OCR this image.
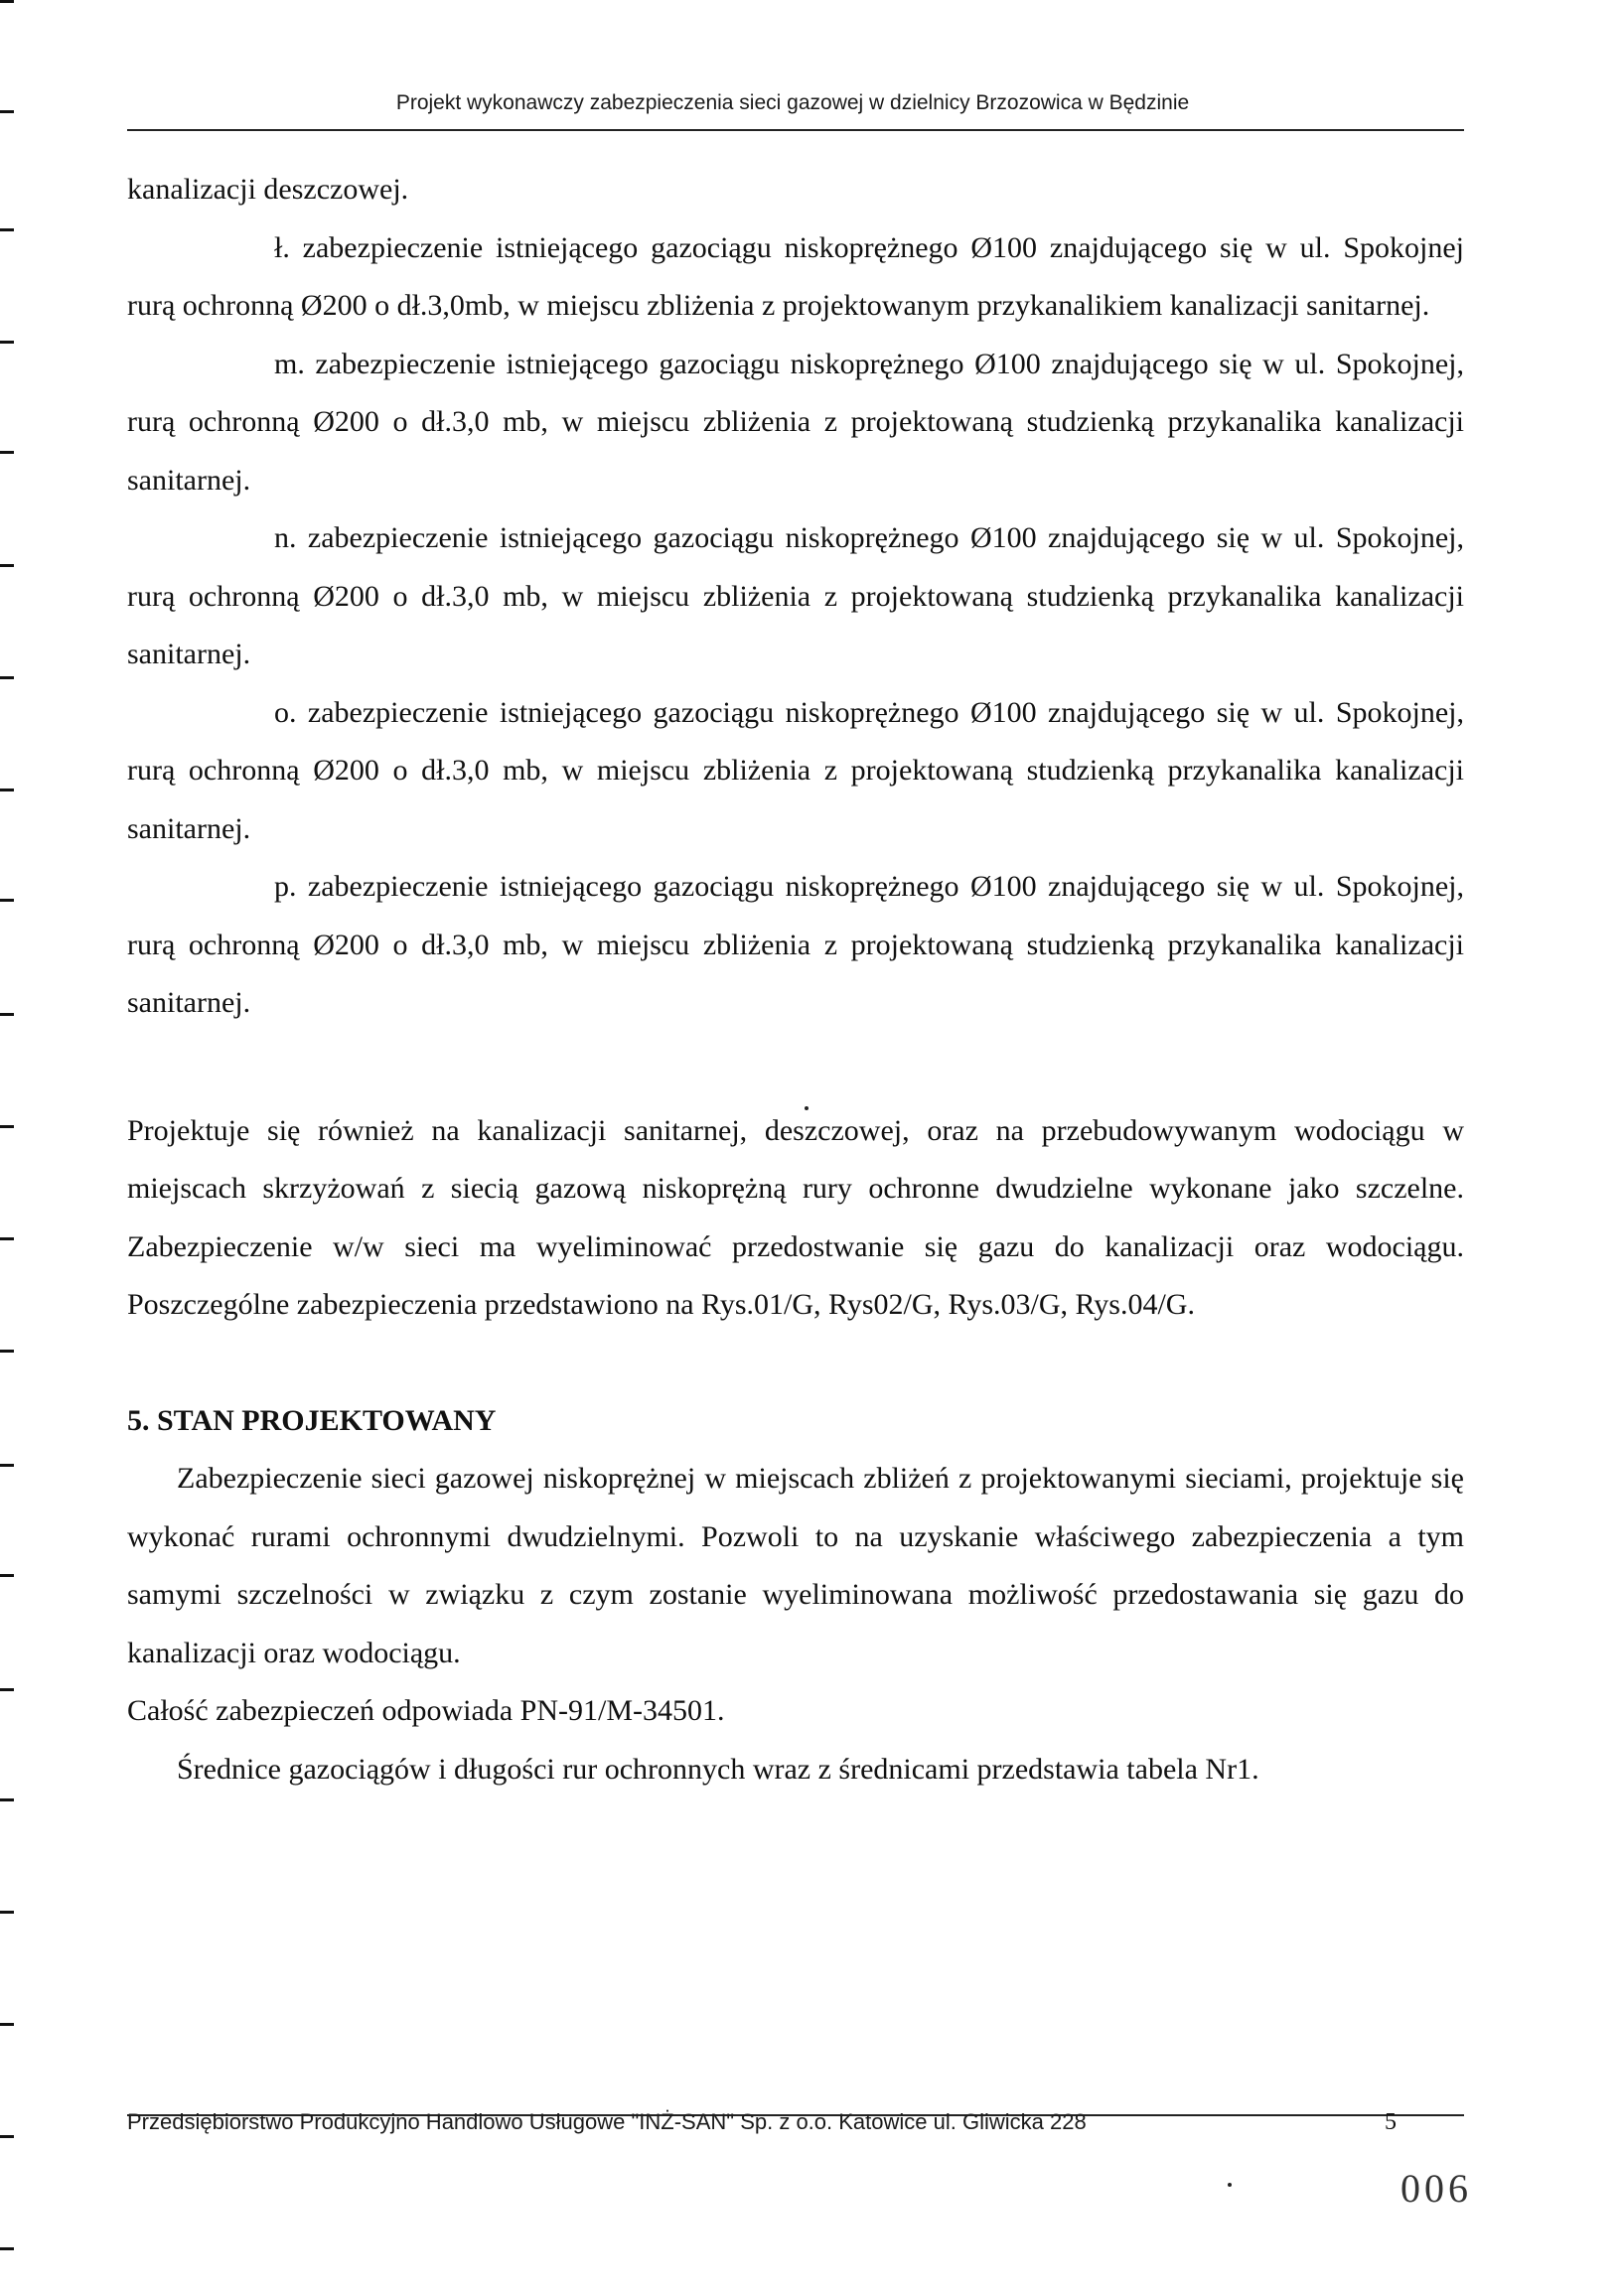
Projekt wykonawczy zabezpieczenia sieci gazowej w dzielnicy Brzozowica w Będzinie

kanalizacji deszczowej.

ł. zabezpieczenie istniejącego gazociągu niskoprężnego Ø100 znajdującego się w ul. Spokojnej rurą ochronną Ø200 o dł.3,0mb, w miejscu zbliżenia z projektowanym przykanalikiem kanalizacji sanitarnej.

m. zabezpieczenie istniejącego gazociągu niskoprężnego Ø100 znajdującego się w ul. Spokojnej, rurą ochronną Ø200 o dł.3,0 mb, w miejscu zbliżenia z projektowaną studzienką przykanalika kanalizacji sanitarnej.

n. zabezpieczenie istniejącego gazociągu niskoprężnego Ø100 znajdującego się w ul. Spokojnej, rurą ochronną Ø200 o dł.3,0 mb, w miejscu zbliżenia z projektowaną studzienką przykanalika kanalizacji sanitarnej.

o. zabezpieczenie istniejącego gazociągu niskoprężnego Ø100 znajdującego się w ul. Spokojnej, rurą ochronną Ø200 o dł.3,0 mb, w miejscu zbliżenia z projektowaną studzienką przykanalika kanalizacji sanitarnej.

p. zabezpieczenie istniejącego gazociągu niskoprężnego Ø100 znajdującego się w ul. Spokojnej, rurą ochronną Ø200 o dł.3,0 mb, w miejscu zbliżenia z projektowaną studzienką przykanalika kanalizacji sanitarnej.

Projektuje się również na kanalizacji sanitarnej, deszczowej, oraz na przebudowywanym wodociągu w miejscach skrzyżowań z siecią gazową niskoprężną rury ochronne dwudzielne wykonane jako szczelne. Zabezpieczenie w/w sieci ma wyeliminować przedostwanie się gazu do kanalizacji oraz wodociągu. Poszczególne zabezpieczenia przedstawiono na Rys.01/G, Rys02/G, Rys.03/G, Rys.04/G.

5. STAN PROJEKTOWANY

Zabezpieczenie sieci gazowej niskoprężnej w miejscach zbliżeń z projektowanymi sieciami, projektuje się wykonać rurami ochronnymi dwudzielnymi. Pozwoli to na uzyskanie właściwego zabezpieczenia a tym samymi szczelności w związku z czym zostanie wyeliminowana możliwość przedostawania się gazu do kanalizacji oraz wodociągu.

Całość zabezpieczeń odpowiada PN-91/M-34501.

Średnice gazociągów i długości rur ochronnych wraz z średnicami przedstawia tabela Nr1.

Przedsiębiorstwo Produkcyjno Handlowo Usługowe "INŻ-SAN" Sp. z o.o. Katowice ul. Gliwicka 228	5
006
